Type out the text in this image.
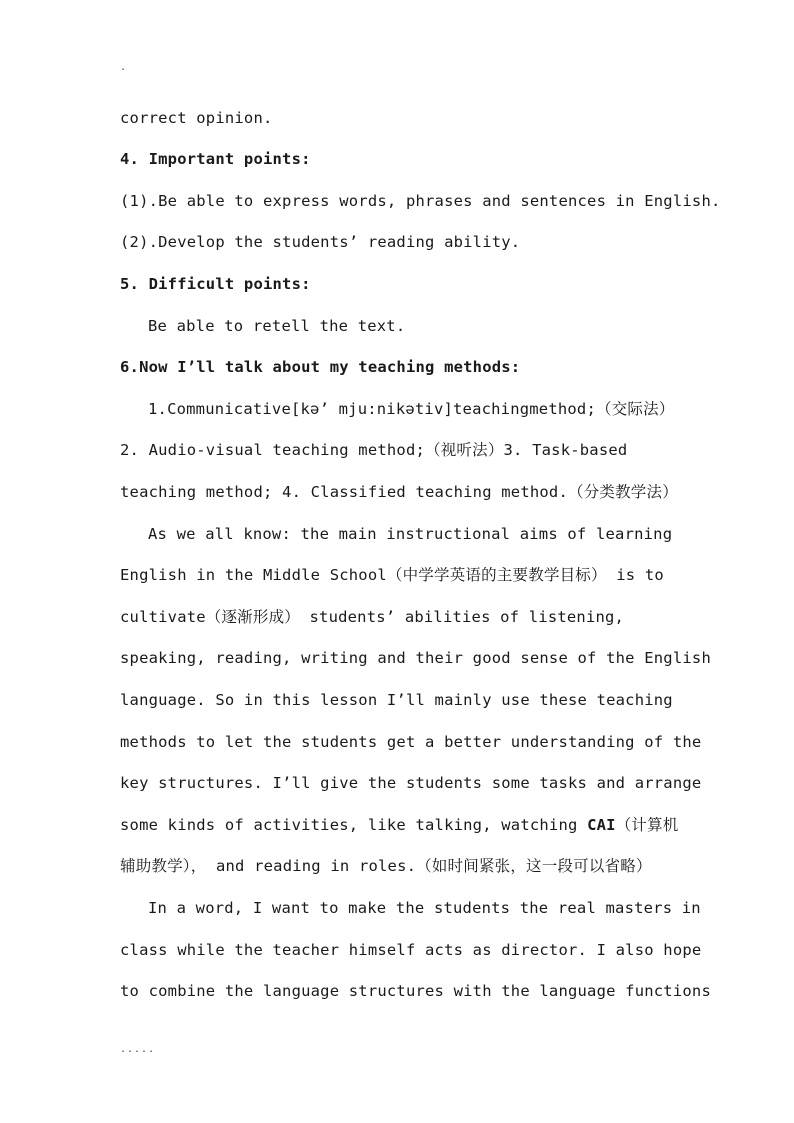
.
correct opinion.
4. Important points:
(1).Be able to express words, phrases and sentences in English.
(2).Develop the students’ reading ability.
5. Difficult points:
Be able to retell the text.
6.Now I’ll talk about my teaching methods:
1.Communicative[kə’ mju:nikətiv]teachingmethod;（交际法）
2. Audio-visual teaching method;（视听法）3. Task-based
teaching method; 4. Classified teaching method.（分类教学法）
As we all know: the main instructional aims of learning
English in the Middle School（中学学英语的主要教学目标） is to
cultivate（逐渐形成） students’ abilities of listening,
speaking, reading, writing and their good sense of the English
language. So in this lesson I’ll mainly use these teaching
methods to let the students get a better understanding of the
key structures. I’ll give the students some tasks and arrange
some kinds of activities, like talking, watching CAI（计算机
辅助教学）， and reading in roles.（如时间紧张，这一段可以省略）
In a word, I want to make the students the real masters in
class while the teacher himself acts as director. I also hope
to combine the language structures with the language functions
.....
